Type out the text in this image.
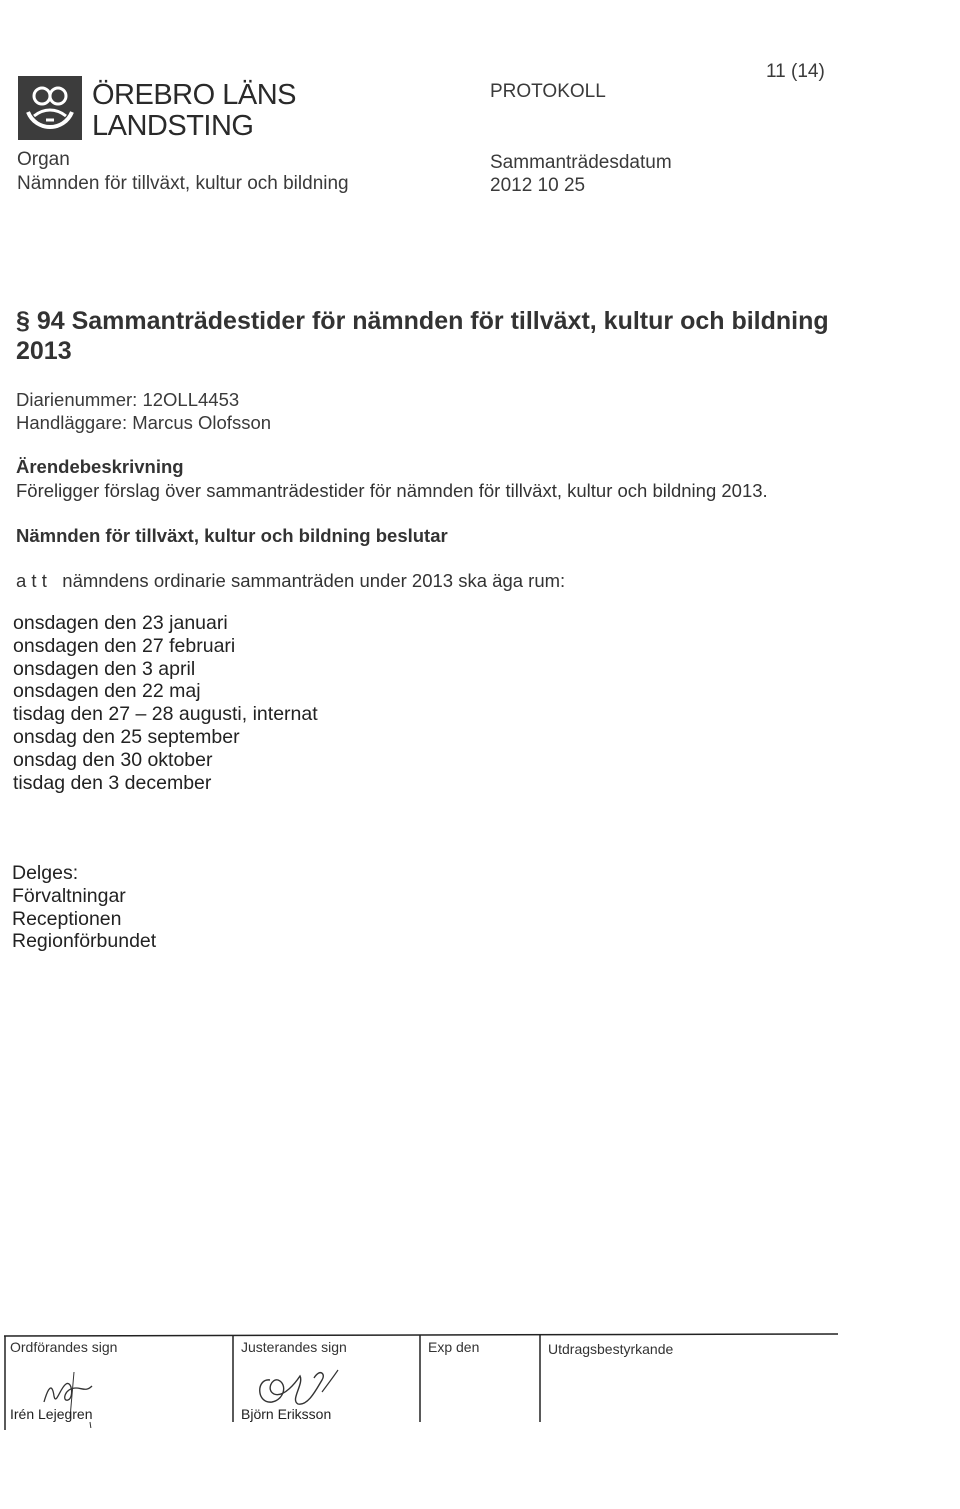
ÖREBRO LÄNS
LANDSTING
PROTOKOLL
11 (14)
Organ
Nämnden för tillväxt, kultur och bildning
Sammanträdesdatum
2012 10 25
§ 94 Sammanträdestider för nämnden för tillväxt, kultur och bildning
2013
Diarienummer: 12OLL4453
Handläggare: Marcus Olofsson
Ärendebeskrivning
Föreligger förslag över sammanträdestider för nämnden för tillväxt, kultur och bildning 2013.
Nämnden för tillväxt, kultur och bildning beslutar
a t t nämndens ordinarie sammanträden under 2013 ska äga rum:
onsdagen den 23 januari
onsdagen den 27 februari
onsdagen den 3 april
onsdagen den 22 maj
tisdag den 27 – 28 augusti, internat
onsdag den 25 september
onsdag den 30 oktober
tisdag den 3 december
Delges:
Förvaltningar
Receptionen
Regionförbundet
Ordförandes sign	Justerandes sign	Exp den	Utdragsbestyrkande
Irén Lejegren	Björn Eriksson
